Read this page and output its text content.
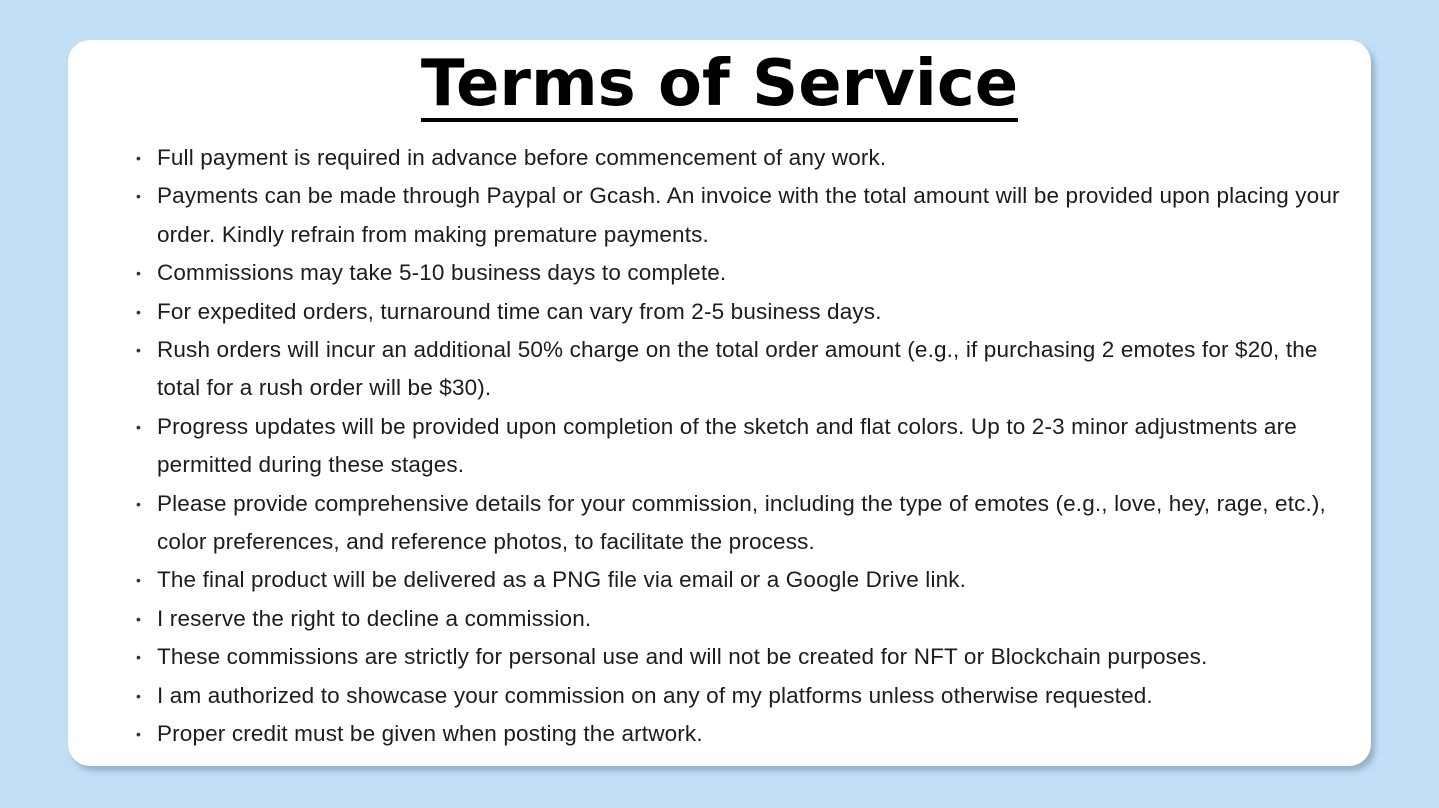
Terms of Service
• Full payment is required in advance before commencement of any work.
• Payments can be made through Paypal or Gcash. An invoice with the total amount will be provided upon placing your order. Kindly refrain from making premature payments.
• Commissions may take 5-10 business days to complete.
• For expedited orders, turnaround time can vary from 2-5 business days.
• Rush orders will incur an additional 50% charge on the total order amount (e.g., if purchasing 2 emotes for $20, the total for a rush order will be $30).
• Progress updates will be provided upon completion of the sketch and flat colors. Up to 2-3 minor adjustments are permitted during these stages.
• Please provide comprehensive details for your commission, including the type of emotes (e.g., love, hey, rage, etc.), color preferences, and reference photos, to facilitate the process.
• The final product will be delivered as a PNG file via email or a Google Drive link.
• I reserve the right to decline a commission.
• These commissions are strictly for personal use and will not be created for NFT or Blockchain purposes.
• I am authorized to showcase your commission on any of my platforms unless otherwise requested.
• Proper credit must be given when posting the artwork.
